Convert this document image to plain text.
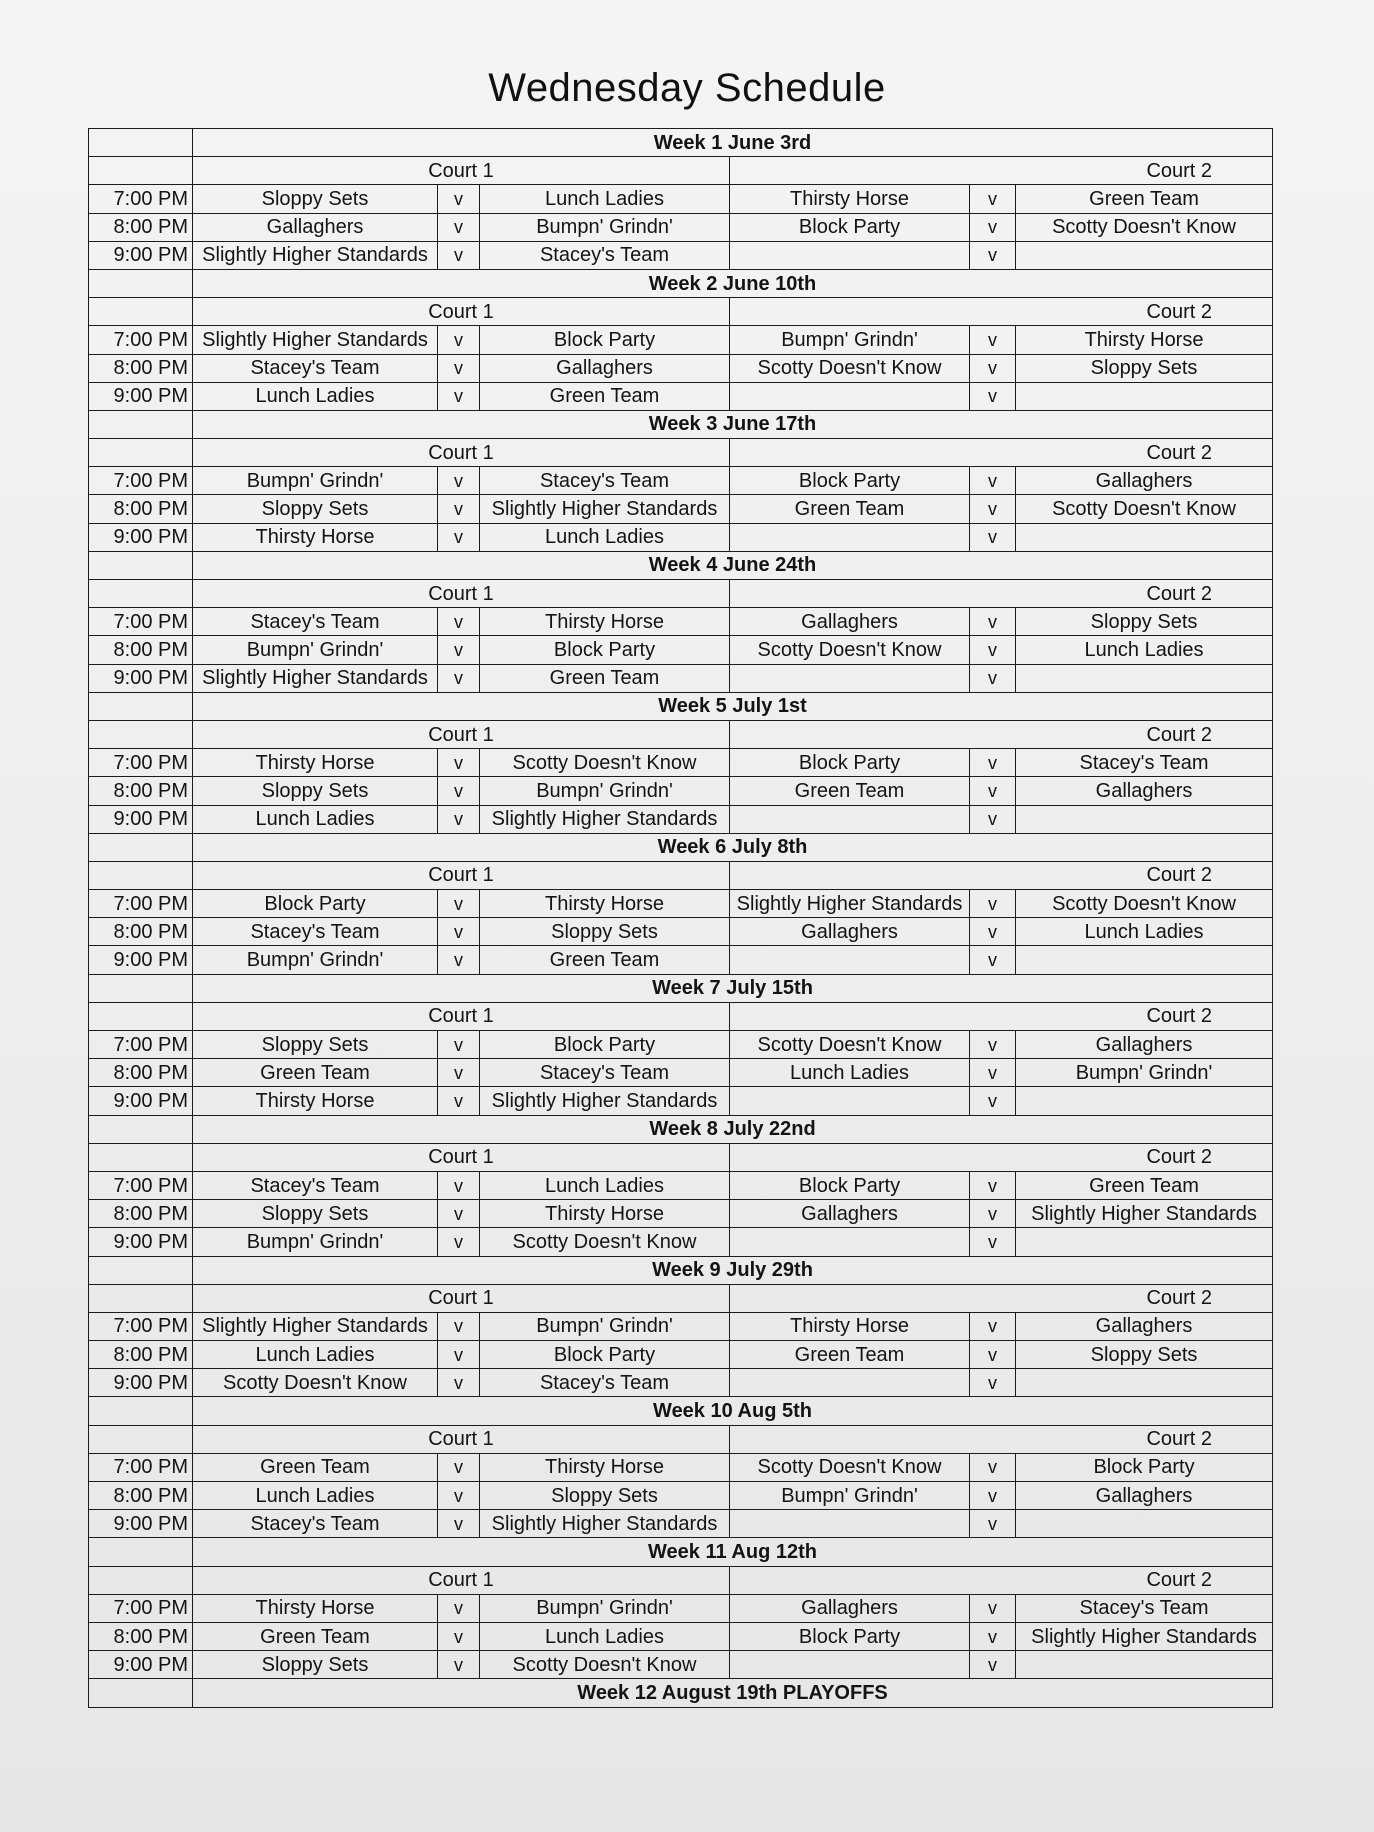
Wednesday Schedule
	Week 1 June 3rd					
	Court 1			Court 2		
7:00 PM	Sloppy Sets	v	Lunch Ladies	Thirsty Horse	v	Green Team
8:00 PM	Gallaghers	v	Bumpn' Grindn'	Block Party	v	Scotty Doesn't Know
9:00 PM	Slightly Higher Standards	v	Stacey's Team		v	
	Week 2 June 10th					
	Court 1			Court 2		
7:00 PM	Slightly Higher Standards	v	Block Party	Bumpn' Grindn'	v	Thirsty Horse
8:00 PM	Stacey's Team	v	Gallaghers	Scotty Doesn't Know	v	Sloppy Sets
9:00 PM	Lunch Ladies	v	Green Team		v	
	Week 3 June 17th					
	Court 1			Court 2		
7:00 PM	Bumpn' Grindn'	v	Stacey's Team	Block Party	v	Gallaghers
8:00 PM	Sloppy Sets	v	Slightly Higher Standards	Green Team	v	Scotty Doesn't Know
9:00 PM	Thirsty Horse	v	Lunch Ladies		v	
	Week 4 June 24th					
	Court 1			Court 2		
7:00 PM	Stacey's Team	v	Thirsty Horse	Gallaghers	v	Sloppy Sets
8:00 PM	Bumpn' Grindn'	v	Block Party	Scotty Doesn't Know	v	Lunch Ladies
9:00 PM	Slightly Higher Standards	v	Green Team		v	
	Week 5 July 1st					
	Court 1			Court 2		
7:00 PM	Thirsty Horse	v	Scotty Doesn't Know	Block Party	v	Stacey's Team
8:00 PM	Sloppy Sets	v	Bumpn' Grindn'	Green Team	v	Gallaghers
9:00 PM	Lunch Ladies	v	Slightly Higher Standards		v	
	Week 6 July 8th					
	Court 1			Court 2		
7:00 PM	Block Party	v	Thirsty Horse	Slightly Higher Standards	v	Scotty Doesn't Know
8:00 PM	Stacey's Team	v	Sloppy Sets	Gallaghers	v	Lunch Ladies
9:00 PM	Bumpn' Grindn'	v	Green Team		v	
	Week 7 July 15th					
	Court 1			Court 2		
7:00 PM	Sloppy Sets	v	Block Party	Scotty Doesn't Know	v	Gallaghers
8:00 PM	Green Team	v	Stacey's Team	Lunch Ladies	v	Bumpn' Grindn'
9:00 PM	Thirsty Horse	v	Slightly Higher Standards		v	
	Week 8 July 22nd					
	Court 1			Court 2		
7:00 PM	Stacey's Team	v	Lunch Ladies	Block Party	v	Green Team
8:00 PM	Sloppy Sets	v	Thirsty Horse	Gallaghers	v	Slightly Higher Standards
9:00 PM	Bumpn' Grindn'	v	Scotty Doesn't Know		v	
	Week 9 July 29th					
	Court 1			Court 2		
7:00 PM	Slightly Higher Standards	v	Bumpn' Grindn'	Thirsty Horse	v	Gallaghers
8:00 PM	Lunch Ladies	v	Block Party	Green Team	v	Sloppy Sets
9:00 PM	Scotty Doesn't Know	v	Stacey's Team		v	
	Week 10 Aug 5th					
	Court 1			Court 2		
7:00 PM	Green Team	v	Thirsty Horse	Scotty Doesn't Know	v	Block Party
8:00 PM	Lunch Ladies	v	Sloppy Sets	Bumpn' Grindn'	v	Gallaghers
9:00 PM	Stacey's Team	v	Slightly Higher Standards		v	
	Week 11 Aug 12th					
	Court 1			Court 2		
7:00 PM	Thirsty Horse	v	Bumpn' Grindn'	Gallaghers	v	Stacey's Team
8:00 PM	Green Team	v	Lunch Ladies	Block Party	v	Slightly Higher Standards
9:00 PM	Sloppy Sets	v	Scotty Doesn't Know		v	
	Week 12 August 19th PLAYOFFS					
